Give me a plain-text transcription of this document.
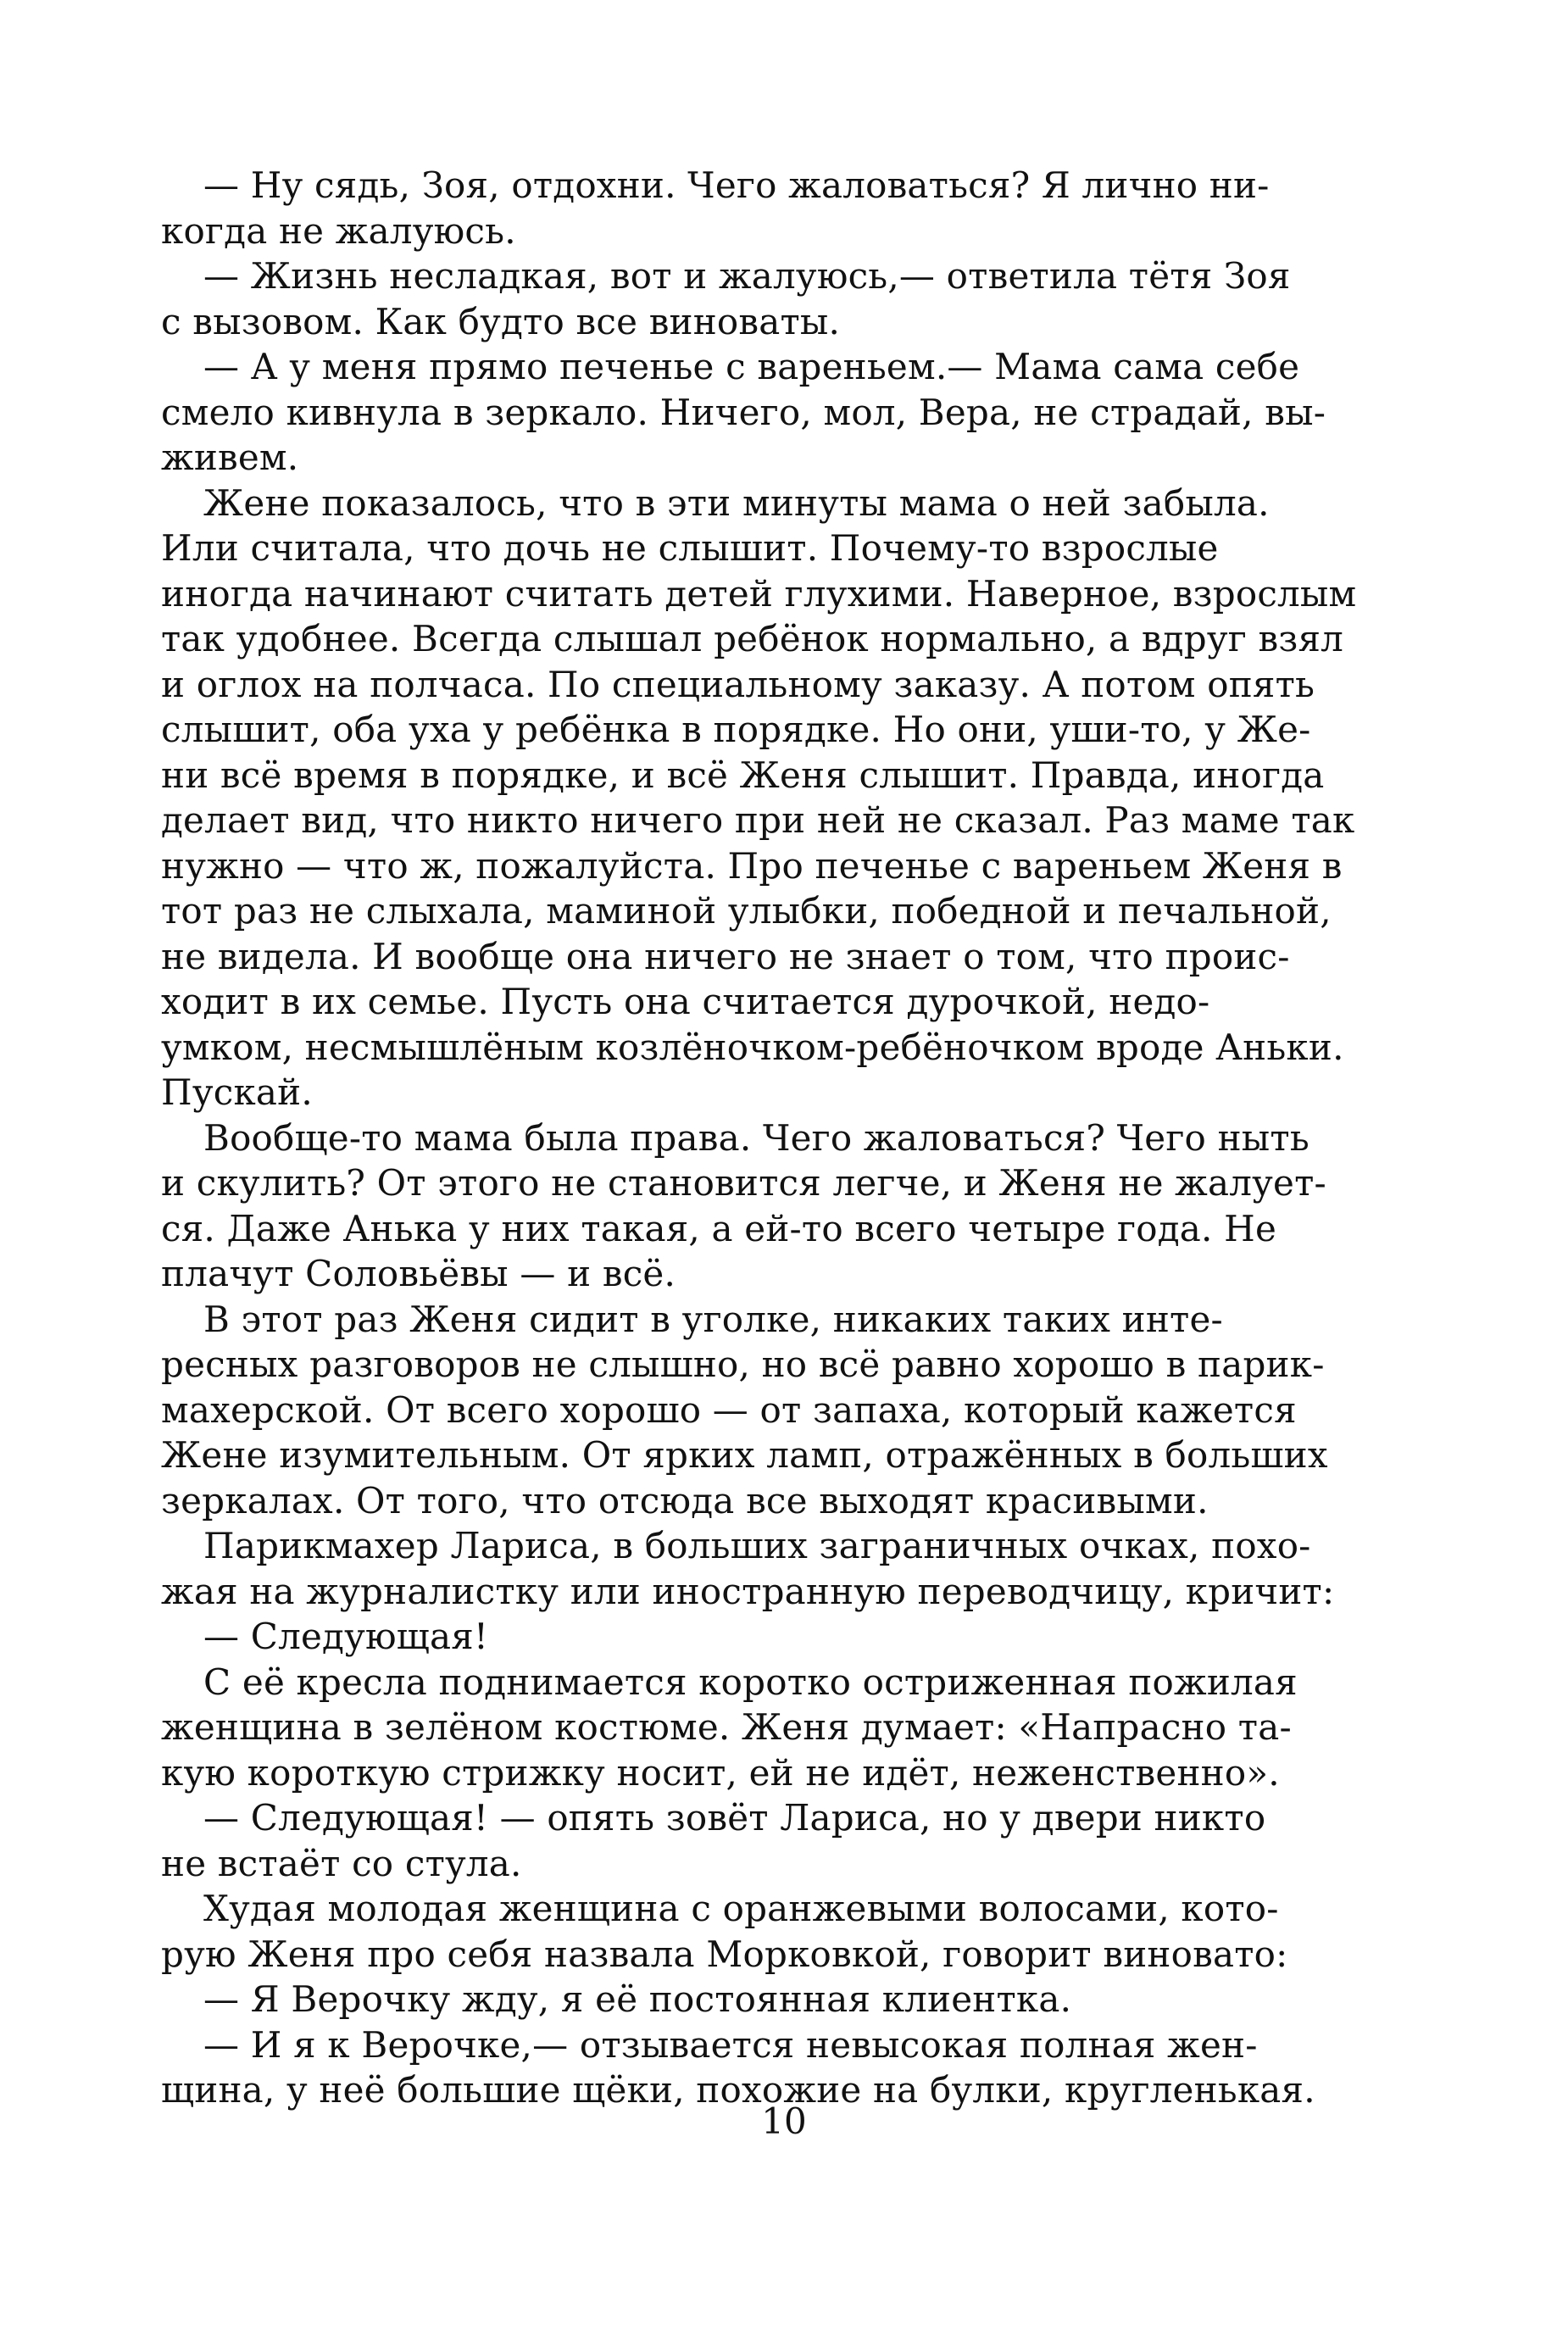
— Ну сядь, Зоя, отдохни. Чего жаловаться? Я лично ни-
когда не жалуюсь.
— Жизнь несладкая, вот и жалуюсь,— ответила тётя Зоя
с вызовом. Как будто все виноваты.
— А у меня прямо печенье с вареньем.— Мама сама себе
смело кивнула в зеркало. Ничего, мол, Вера, не страдай, вы-
живем.
Жене показалось, что в эти минуты мама о ней забыла.
Или считала, что дочь не слышит. Почему-то взрослые
иногда начинают считать детей глухими. Наверное, взрослым
так удобнее. Всегда слышал ребёнок нормально, а вдруг взял
и оглох на полчаса. По специальному заказу. А потом опять
слышит, оба уха у ребёнка в порядке. Но они, уши-то, у Же-
ни всё время в порядке, и всё Женя слышит. Правда, иногда
делает вид, что никто ничего при ней не сказал. Раз маме так
нужно — что ж, пожалуйста. Про печенье с вареньем Женя в
тот раз не слыхала, маминой улыбки, победной и печальной,
не видела. И вообще она ничего не знает о том, что проис-
ходит в их семье. Пусть она считается дурочкой, недо-
умком, несмышлёным козлёночком-ребёночком вроде Аньки.
Пускай.
Вообще-то мама была права. Чего жаловаться? Чего ныть
и скулить? От этого не становится легче, и Женя не жалует-
ся. Даже Анька у них такая, а ей-то всего четыре года. Не
плачут Соловьёвы — и всё.
В этот раз Женя сидит в уголке, никаких таких инте-
ресных разговоров не слышно, но всё равно хорошо в парик-
махерской. От всего хорошо — от запаха, который кажется
Жене изумительным. От ярких ламп, отражённых в больших
зеркалах. От того, что отсюда все выходят красивыми.
Парикмахер Лариса, в больших заграничных очках, похо-
жая на журналистку или иностранную переводчицу, кричит:
— Следующая!
С её кресла поднимается коротко остриженная пожилая
женщина в зелёном костюме. Женя думает: «Напрасно та-
кую короткую стрижку носит, ей не идёт, неженственно».
— Следующая! — опять зовёт Лариса, но у двери никто
не встаёт со стула.
Худая молодая женщина с оранжевыми волосами, кото-
рую Женя про себя назвала Морковкой, говорит виновато:
— Я Верочку жду, я её постоянная клиентка.
— И я к Верочке,— отзывается невысокая полная жен-
щина, у неё большие щёки, похожие на булки, кругленькая.
10
